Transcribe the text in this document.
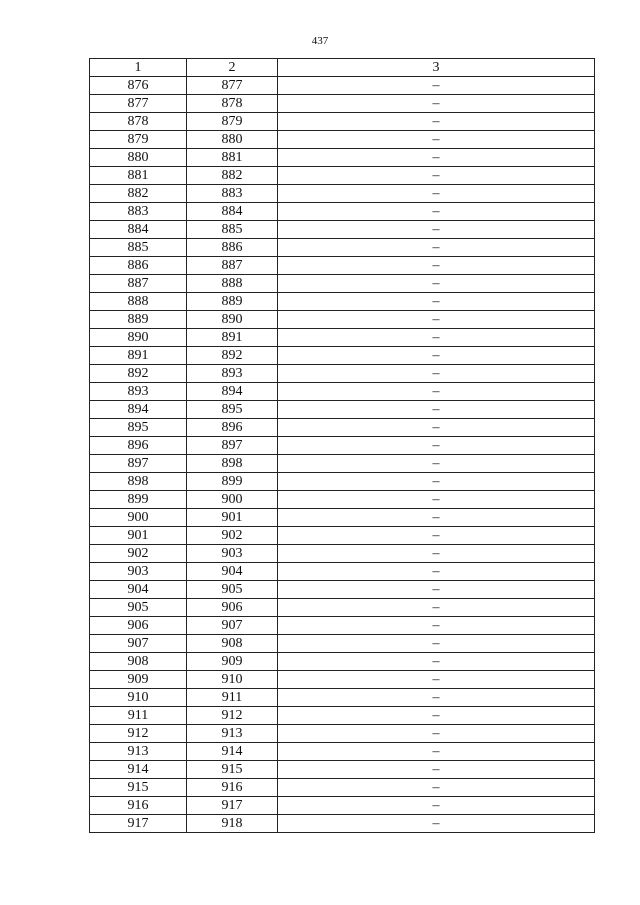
437
1	2	3
876	877	–
877	878	–
878	879	–
879	880	–
880	881	–
881	882	–
882	883	–
883	884	–
884	885	–
885	886	–
886	887	–
887	888	–
888	889	–
889	890	–
890	891	–
891	892	–
892	893	–
893	894	–
894	895	–
895	896	–
896	897	–
897	898	–
898	899	–
899	900	–
900	901	–
901	902	–
902	903	–
903	904	–
904	905	–
905	906	–
906	907	–
907	908	–
908	909	–
909	910	–
910	911	–
911	912	–
912	913	–
913	914	–
914	915	–
915	916	–
916	917	–
917	918	–
